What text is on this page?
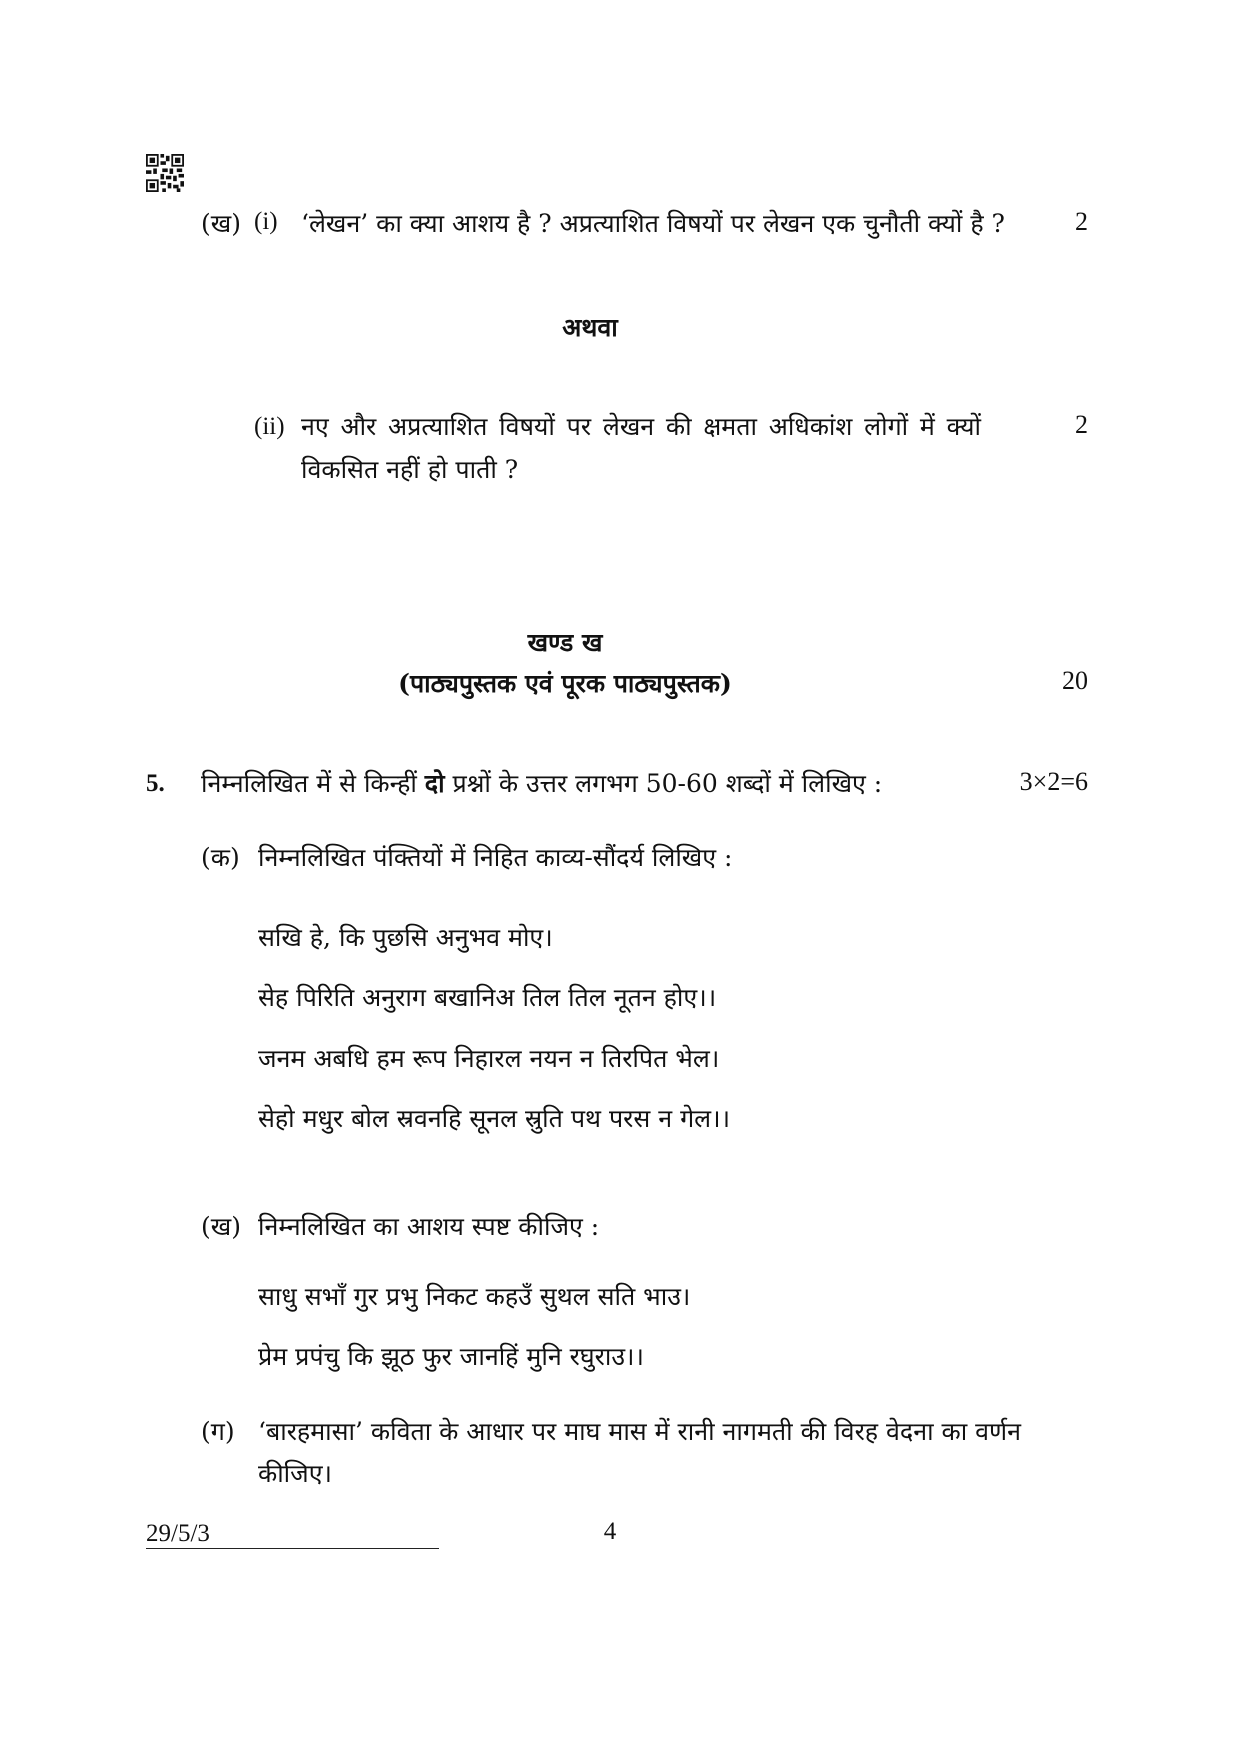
(ख) (i) ‘लेखन’ का क्या आशय है ? अप्रत्याशित विषयों पर लेखन एक चुनौती क्यों है ?	2
अथवा
(ii) नए और अप्रत्याशित विषयों पर लेखन की क्षमता अधिकांश लोगों में क्यों
विकसित नहीं हो पाती ?
2
खण्ड ख
(पाठ्यपुस्तक एवं पूरक पाठ्यपुस्तक)	20
5. निम्नलिखित में से किन्हीं दो प्रश्नों के उत्तर लगभग 50-60 शब्दों में लिखिए :	3×2=6
(क) निम्नलिखित पंक्तियों में निहित काव्य-सौंदर्य लिखिए :
सखि हे, कि पुछसि अनुभव मोए।
सेह पिरिति अनुराग बखानिअ तिल तिल नूतन होए।।
जनम अबधि हम रूप निहारल नयन न तिरपित भेल।
सेहो मधुर बोल स्रवनहि सूनल स्रुति पथ परस न गेल।।
(ख) निम्नलिखित का आशय स्पष्ट कीजिए :
साधु सभाँ गुर प्रभु निकट कहउँ सुथल सति भाउ।
प्रेम प्रपंचु कि झूठ फुर जानहिं मुनि रघुराउ।।
(ग) ‘बारहमासा’ कविता के आधार पर माघ मास में रानी नागमती की विरह वेदना का वर्णन
कीजिए।
29/5/3	4
